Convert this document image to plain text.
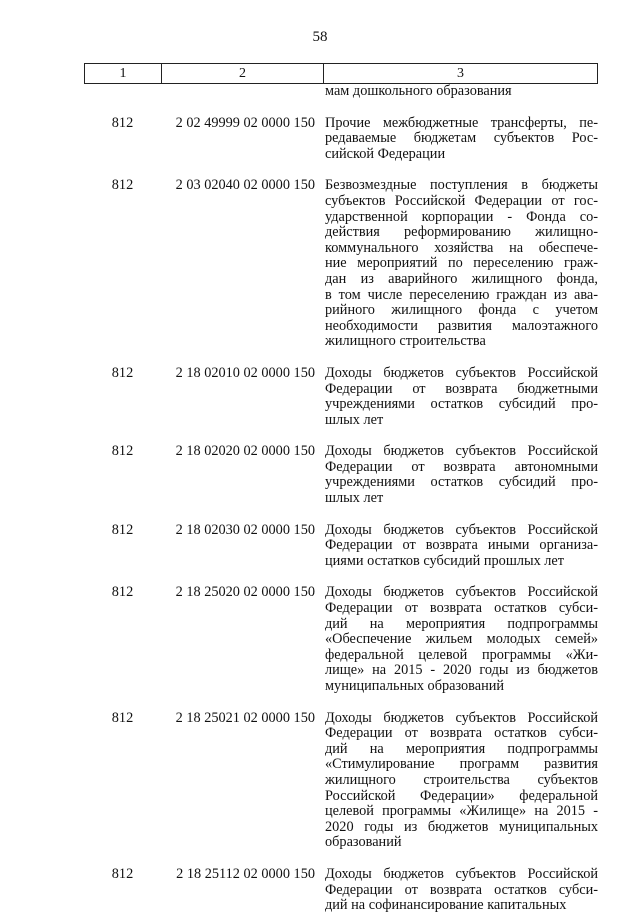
58
1	2	3
мам дошкольного образования
812	2 02 49999 02 0000 150 Прочие межбюджетные трансферты, пе-
редаваемые бюджетам субъектов Рос-
сийской Федерации
812	2 03 02040 02 0000 150 Безвозмездные поступления в бюджеты
субъектов Российской Федерации от гос-
ударственной корпорации - Фонда со-
действия реформированию жилищно-
коммунального хозяйства на обеспече-
ние мероприятий по переселению граж-
дан из аварийного жилищного фонда,
в том числе переселению граждан из ава-
рийного жилищного фонда с учетом
необходимости развития малоэтажного
жилищного строительства
812	2 18 02010 02 0000 150 Доходы бюджетов субъектов Российской
Федерации от возврата бюджетными
учреждениями остатков субсидий про-
шлых лет
812	2 18 02020 02 0000 150 Доходы бюджетов субъектов Российской
Федерации от возврата автономными
учреждениями остатков субсидий про-
шлых лет
812	2 18 02030 02 0000 150 Доходы бюджетов субъектов Российской
Федерации от возврата иными организа-
циями остатков субсидий прошлых лет
812	2 18 25020 02 0000 150 Доходы бюджетов субъектов Российской
Федерации от возврата остатков субси-
дий на мероприятия подпрограммы
«Обеспечение жильем молодых семей»
федеральной целевой программы «Жи-
лище» на 2015 - 2020 годы из бюджетов
муниципальных образований
812	2 18 25021 02 0000 150 Доходы бюджетов субъектов Российской
Федерации от возврата остатков субси-
дий на мероприятия подпрограммы
«Стимулирование программ развития
жилищного строительства субъектов
Российской Федерации» федеральной
целевой программы «Жилище» на 2015 -
2020 годы из бюджетов муниципальных
образований
812	2 18 25112 02 0000 150 Доходы бюджетов субъектов Российской
Федерации от возврата остатков субси-
дий на софинансирование капитальных
